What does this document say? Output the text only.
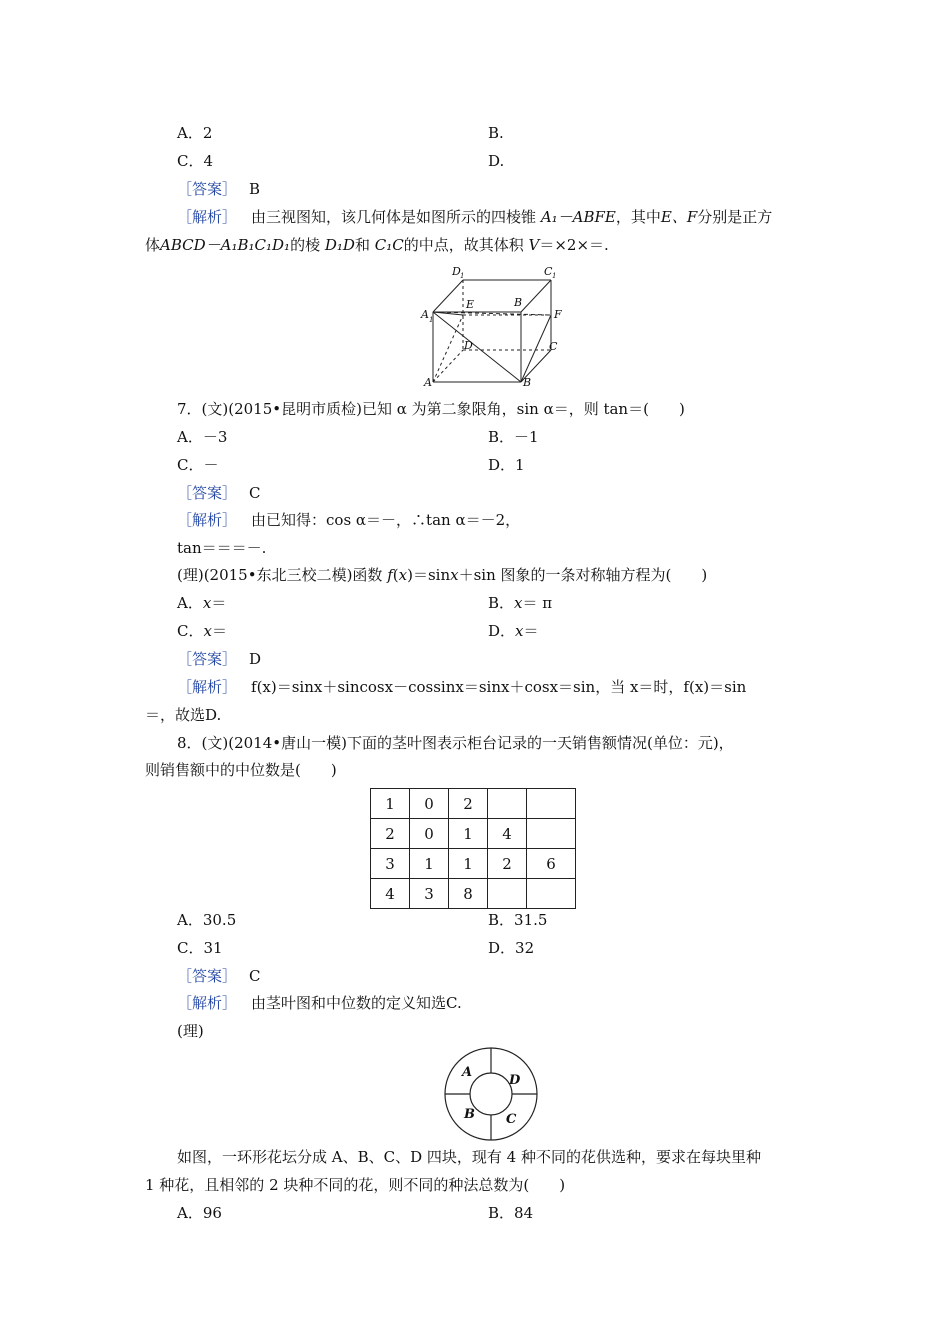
A．2	B.
C．4	D.
［答案］ B
［解析］ 由三视图知，该几何体是如图所示的四棱锥 A₁－ABFE，其中E、F分别是正方
体ABCD－A₁B₁C₁D₁的棱 D₁D和 C₁C的中点，故其体积 V＝×2×＝.
D 1	C 1
E	B
A 1	F
D	C
A	B
7．(文)(2015•昆明市质检)已知 α 为第二象限角，sin α＝，则 tan＝(　　)
A．－3	B．－1
C．－	D．1
［答案］ C
［解析］ 由已知得：cos α＝－，∴tan α＝－2，
tan＝＝＝－.
(理)(2015•东北三校二模)函数 f(x)＝sinx＋sin 图象的一条对称轴方程为(　　)
A．x＝	B．x＝ π
C．x＝	D．x＝
［答案］ D
［解析］ f(x)＝sinx＋sincosx－cossinx＝sinx＋cosx＝sin，当 x＝时，f(x)＝sin
＝，故选D.
8．(文)(2014•唐山一模)下面的茎叶图表示柜台记录的一天销售额情况(单位：元)，
则销售额中的中位数是(　　)
1	0	2		
2	0	1	4	
3	1	1	2	6
4	3	8		
A．30.5	B．31.5
C．31	D．32
［答案］ C
［解析］ 由茎叶图和中位数的定义知选C.
(理)
A
D
B C
如图，一环形花坛分成 A、B、C、D 四块，现有 4 种不同的花供选种，要求在每块里种
1 种花，且相邻的 2 块种不同的花，则不同的种法总数为(　　)
A．96	B．84
